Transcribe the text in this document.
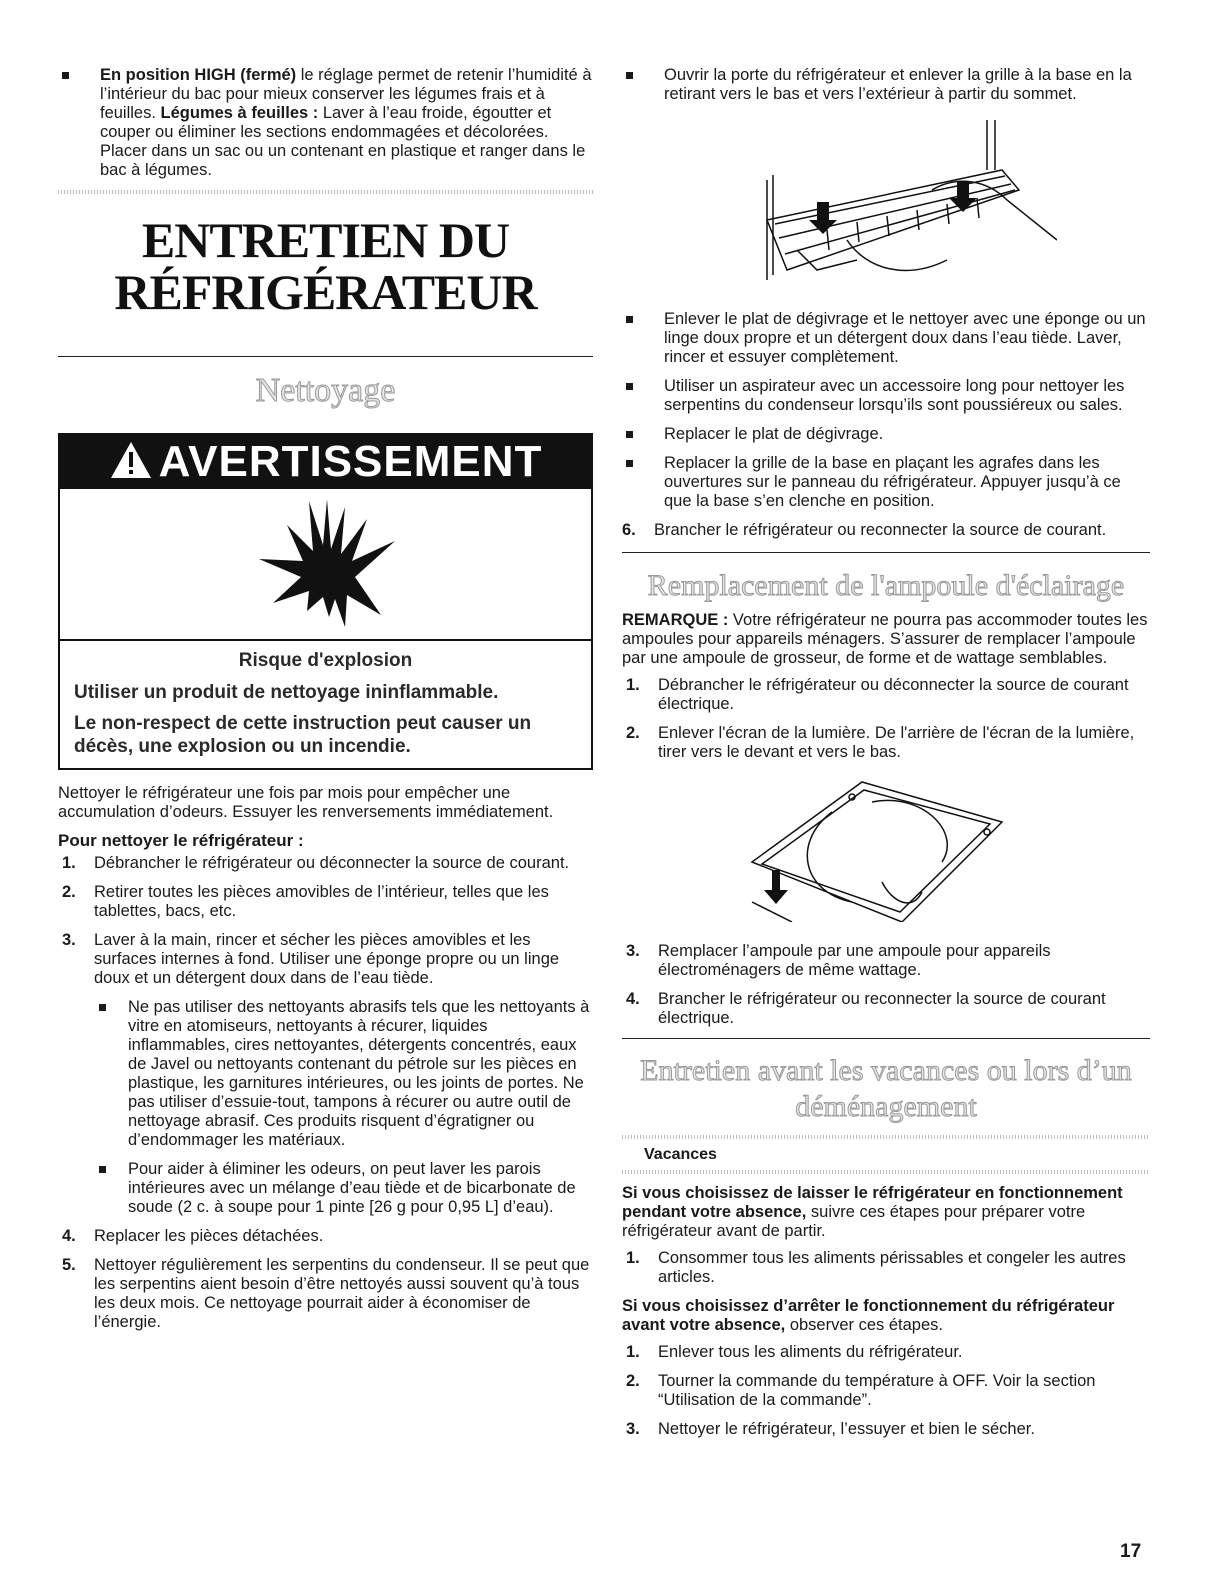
En position HIGH (fermé) le réglage permet de retenir l’humidité à l’intérieur du bac pour mieux conserver les légumes frais et à feuilles. Légumes à feuilles : Laver à l’eau froide, égoutter et couper ou éliminer les sections endommagées et décolorées. Placer dans un sac ou un contenant en plastique et ranger dans le bac à légumes.
ENTRETIEN DU
RÉFRIGÉRATEUR
Nettoyage
AVERTISSEMENT
Risque d'explosion
Utiliser un produit de nettoyage ininflammable.
Le non-respect de cette instruction peut causer un décès, une explosion ou un incendie.

Nettoyer le réfrigérateur une fois par mois pour empêcher une accumulation d’odeurs. Essuyer les renversements immédiatement.

Pour nettoyer le réfrigérateur :

1. Débrancher le réfrigérateur ou déconnecter la source de courant.
2. Retirer toutes les pièces amovibles de l’intérieur, telles que les tablettes, bacs, etc.
3. Laver à la main, rincer et sécher les pièces amovibles et les surfaces internes à fond. Utiliser une éponge propre ou un linge doux et un détergent doux dans de l’eau tiède.
Ne pas utiliser des nettoyants abrasifs tels que les nettoyants à vitre en atomiseurs, nettoyants à récurer, liquides inflammables, cires nettoyantes, détergents concentrés, eaux de Javel ou nettoyants contenant du pétrole sur les pièces en plastique, les garnitures intérieures, ou les joints de portes. Ne pas utiliser d’essuie-tout, tampons à récurer ou autre outil de nettoyage abrasif. Ces produits risquent d’égratigner ou d’endommager les matériaux.
Pour aider à éliminer les odeurs, on peut laver les parois intérieures avec un mélange d’eau tiède et de bicarbonate de soude (2 c. à soupe pour 1 pinte [26 g pour 0,95 L] d’eau).
4. Replacer les pièces détachées.
5. Nettoyer régulièrement les serpentins du condenseur. Il se peut que les serpentins aient besoin d’être nettoyés aussi souvent qu’à tous les deux mois. Ce nettoyage pourrait aider à économiser de l’énergie.
Ouvrir la porte du réfrigérateur et enlever la grille à la base en la retirant vers le bas et vers l’extérieur à partir du sommet.
Enlever le plat de dégivrage et le nettoyer avec une éponge ou un linge doux propre et un détergent doux dans l’eau tiède. Laver, rincer et essuyer complètement.
Utiliser un aspirateur avec un accessoire long pour nettoyer les serpentins du condenseur lorsqu’ils sont poussiéreux ou sales.
Replacer le plat de dégivrage.
Replacer la grille de la base en plaçant les agrafes dans les ouvertures sur le panneau du réfrigérateur. Appuyer jusqu’à ce que la base s’en clenche en position.
6. Brancher le réfrigérateur ou reconnecter la source de courant.
Remplacement de l'ampoule d'éclairage

REMARQUE : Votre réfrigérateur ne pourra pas accommoder toutes les ampoules pour appareils ménagers. S’assurer de remplacer l’ampoule par une ampoule de grosseur, de forme et de wattage semblables.

1. Débrancher le réfrigérateur ou déconnecter la source de courant électrique.
2. Enlever l'écran de la lumière. De l'arrière de l'écran de la lumière, tirer vers le devant et vers le bas.
3. Remplacer l’ampoule par une ampoule pour appareils électroménagers de même wattage.
4. Brancher le réfrigérateur ou reconnecter la source de courant électrique.
Entretien avant les vacances ou lors d’un
déménagement
Vacances

Si vous choisissez de laisser le réfrigérateur en fonctionnement pendant votre absence, suivre ces étapes pour préparer votre réfrigérateur avant de partir.

1. Consommer tous les aliments périssables et congeler les autres articles.

Si vous choisissez d’arrêter le fonctionnement du réfrigérateur avant votre absence, observer ces étapes.

1. Enlever tous les aliments du réfrigérateur.
2. Tourner la commande du température à OFF. Voir la section “Utilisation de la commande”.
3. Nettoyer le réfrigérateur, l’essuyer et bien le sécher.
17
